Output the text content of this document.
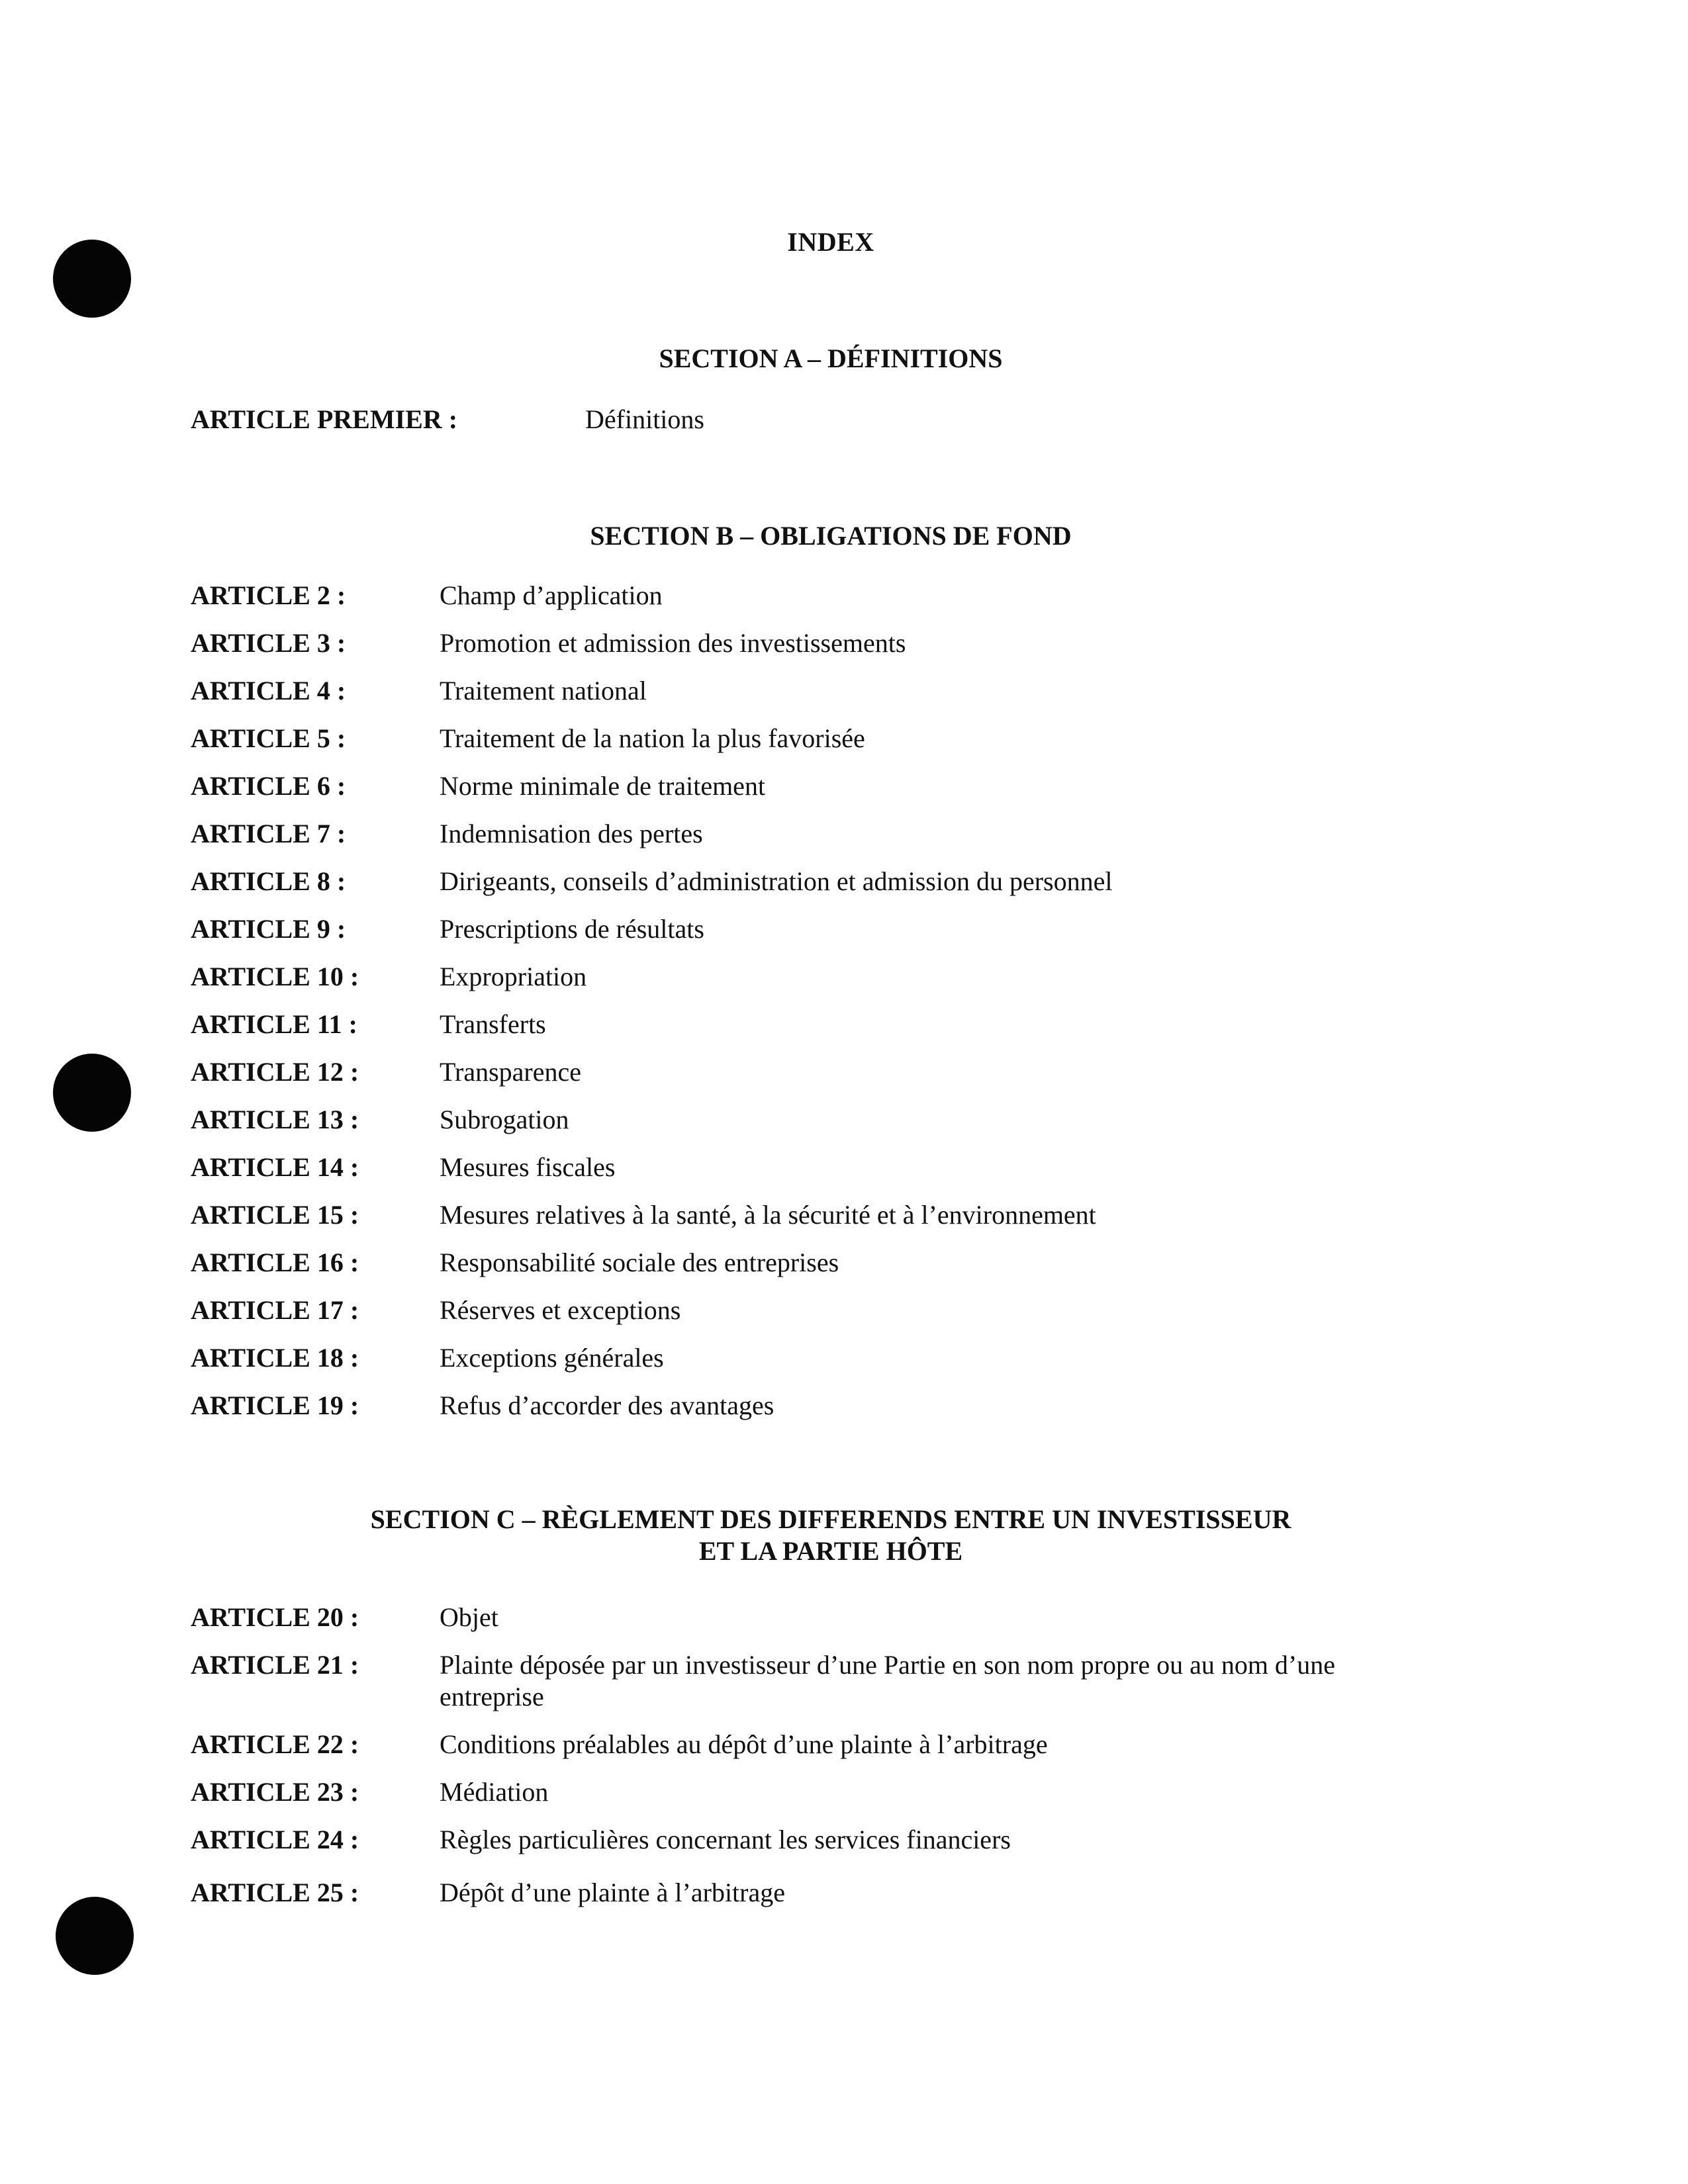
INDEX
SECTION A – DÉFINITIONS
ARTICLE PREMIER :	Définitions
SECTION B – OBLIGATIONS DE FOND
ARTICLE 2 :	Champ d’application
ARTICLE 3 :	Promotion et admission des investissements
ARTICLE 4 :	Traitement national
ARTICLE 5 :	Traitement de la nation la plus favorisée
ARTICLE 6 :	Norme minimale de traitement
ARTICLE 7 :	Indemnisation des pertes
ARTICLE 8 :	Dirigeants, conseils d’administration et admission du personnel
ARTICLE 9 :	Prescriptions de résultats
ARTICLE 10 :	Expropriation
ARTICLE 11 :	Transferts
ARTICLE 12 :	Transparence
ARTICLE 13 :	Subrogation
ARTICLE 14 :	Mesures fiscales
ARTICLE 15 :	Mesures relatives à la santé, à la sécurité et à l’environnement
ARTICLE 16 :	Responsabilité sociale des entreprises
ARTICLE 17 :	Réserves et exceptions
ARTICLE 18 :	Exceptions générales
ARTICLE 19 :	Refus d’accorder des avantages
SECTION C – RÈGLEMENT DES DIFFERENDS ENTRE UN INVESTISSEUR
ET LA PARTIE HÔTE
ARTICLE 20 :	Objet
ARTICLE 21 :	Plainte déposée par un investisseur d’une Partie en son nom propre ou au nom d’une entreprise
ARTICLE 22 :	Conditions préalables au dépôt d’une plainte à l’arbitrage
ARTICLE 23 :	Médiation
ARTICLE 24 :	Règles particulières concernant les services financiers
ARTICLE 25 :	Dépôt d’une plainte à l’arbitrage
